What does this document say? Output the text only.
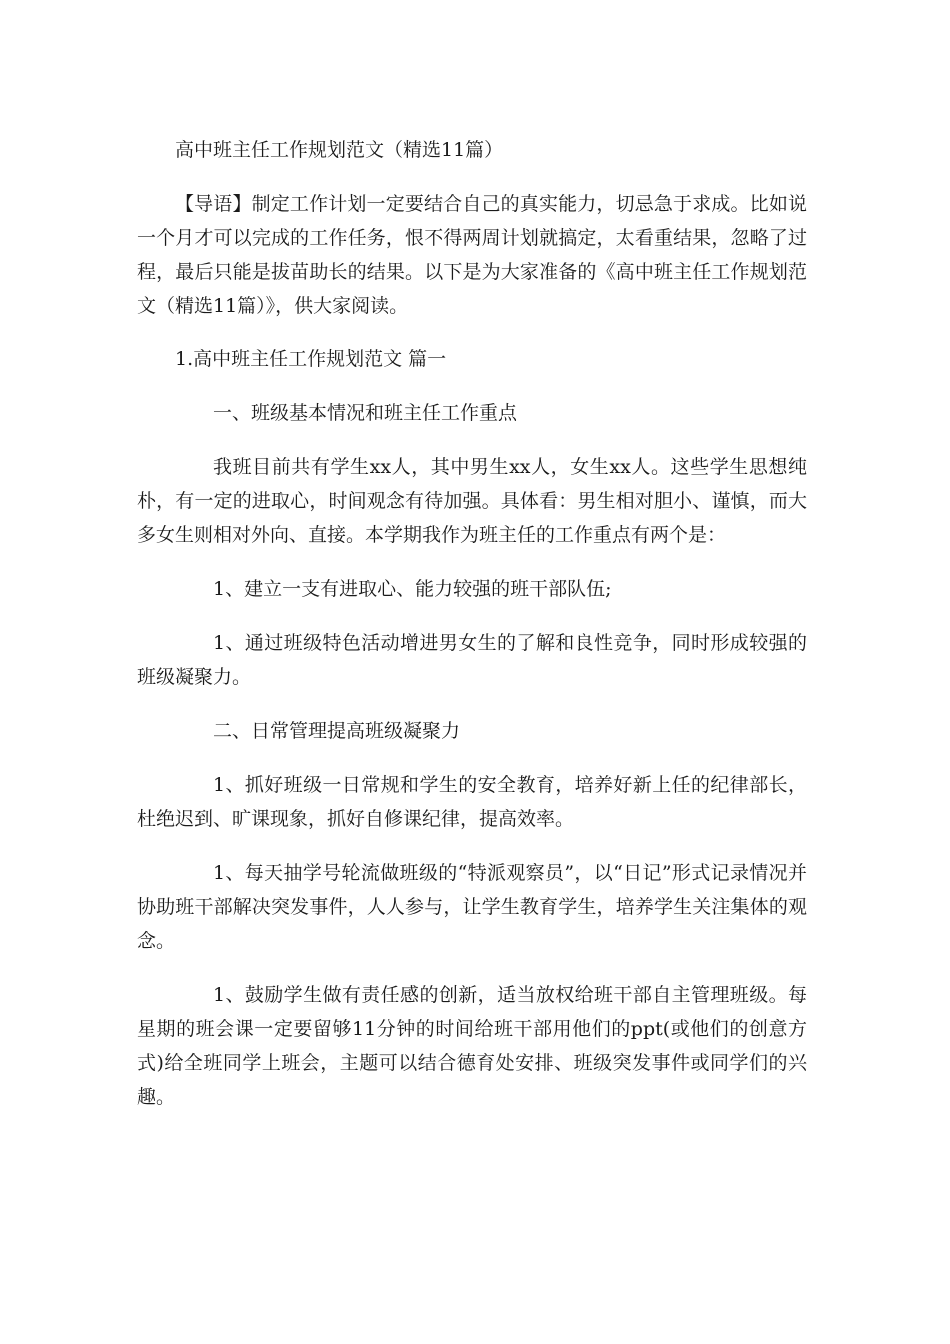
高中班主任工作规划范文（精选11篇）

【导语】制定工作计划一定要结合自己的真实能力，切忌急于求成。比如说一个月才可以完成的工作任务，恨不得两周计划就搞定，太看重结果，忽略了过程，最后只能是拔苗助长的结果。以下是为大家准备的《高中班主任工作规划范文（精选11篇）》，供大家阅读。

1.高中班主任工作规划范文 篇一

一、班级基本情况和班主任工作重点

我班目前共有学生xx人，其中男生xx人，女生xx人。这些学生思想纯朴，有一定的进取心，时间观念有待加强。具体看：男生相对胆小、谨慎，而大多女生则相对外向、直接。本学期我作为班主任的工作重点有两个是：

1、建立一支有进取心、能力较强的班干部队伍;

1、通过班级特色活动增进男女生的了解和良性竞争，同时形成较强的班级凝聚力。

二、日常管理提高班级凝聚力

1、抓好班级一日常规和学生的安全教育，培养好新上任的纪律部长，杜绝迟到、旷课现象，抓好自修课纪律，提高效率。

1、每天抽学号轮流做班级的“特派观察员”，以“日记”形式记录情况并协助班干部解决突发事件，人人参与，让学生教育学生，培养学生关注集体的观念。

1、鼓励学生做有责任感的创新，适当放权给班干部自主管理班级。每星期的班会课一定要留够11分钟的时间给班干部用他们的ppt(或他们的创意方式)给全班同学上班会，主题可以结合德育处安排、班级突发事件或同学们的兴趣。
